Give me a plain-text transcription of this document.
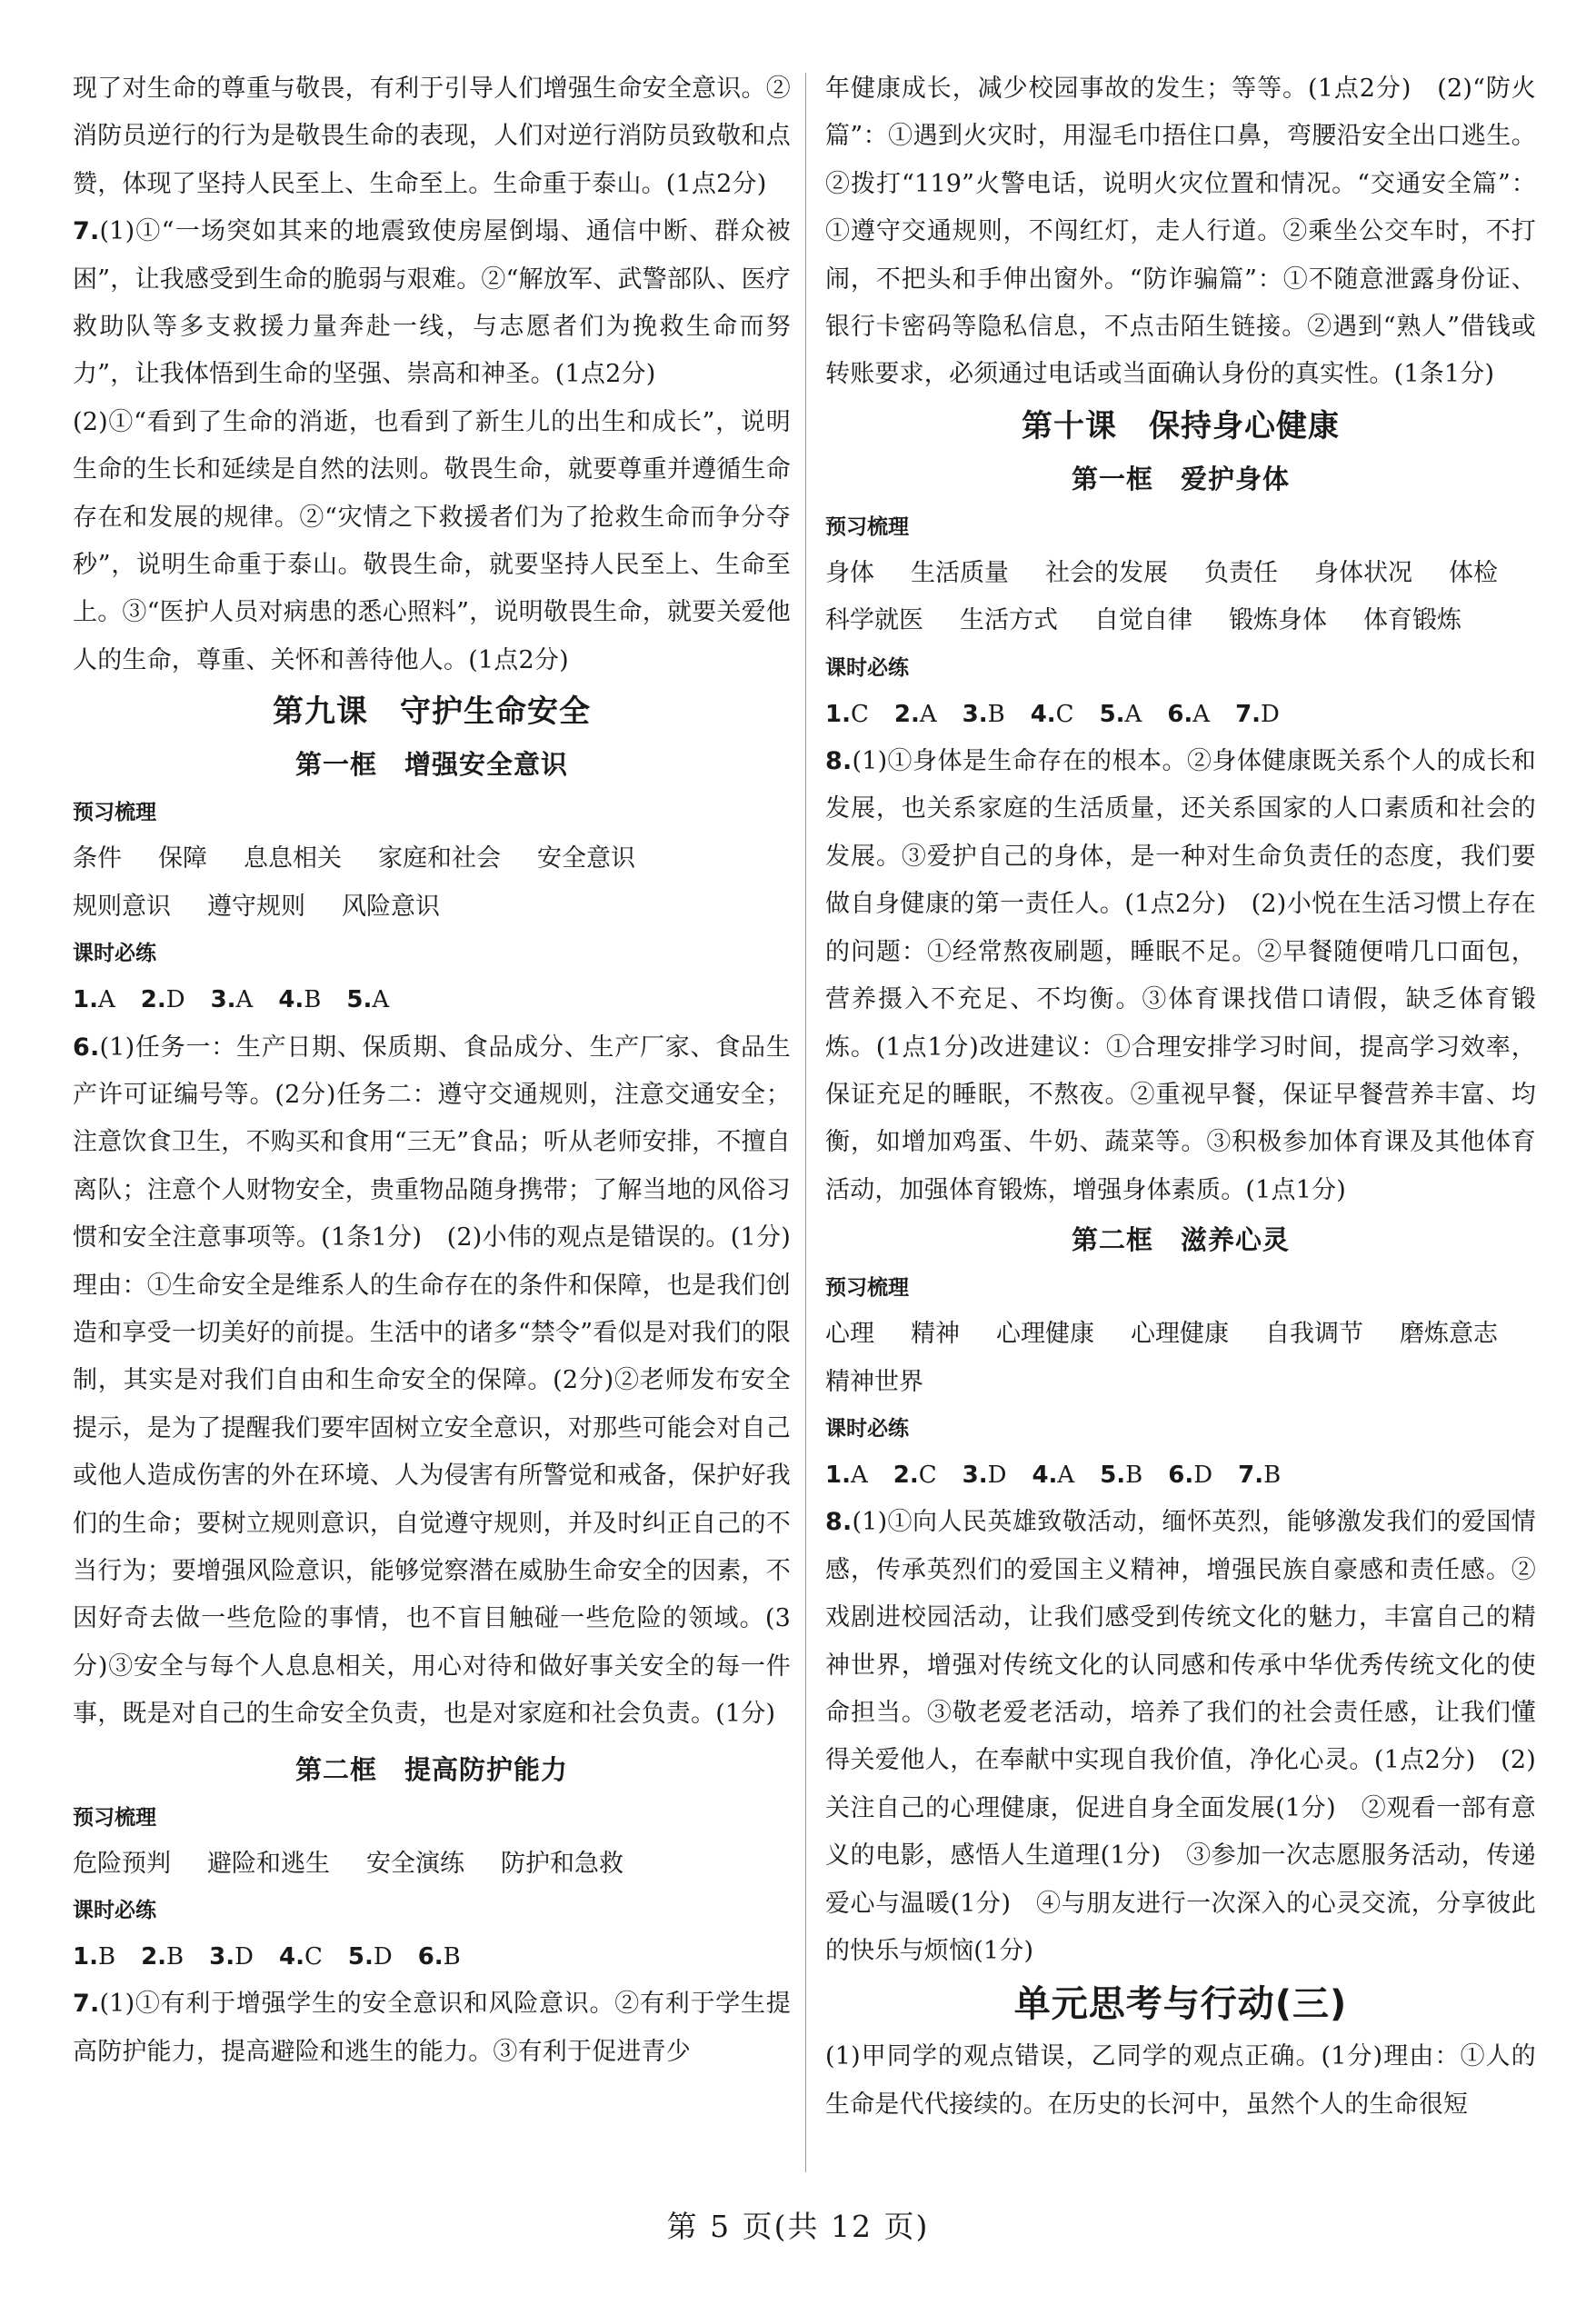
现了对生命的尊重与敬畏，有利于引导人们增强生命安全意识。②消防员逆行的行为是敬畏生命的表现，人们对逆行消防员致敬和点赞，体现了坚持人民至上、生命至上。生命重于泰山。(1点2分)

7.(1)①“一场突如其来的地震致使房屋倒塌、通信中断、群众被困”，让我感受到生命的脆弱与艰难。②“解放军、武警部队、医疗救助队等多支救援力量奔赴一线，与志愿者们为挽救生命而努力”，让我体悟到生命的坚强、崇高和神圣。(1点2分)

(2)①“看到了生命的消逝，也看到了新生儿的出生和成长”，说明生命的生长和延续是自然的法则。敬畏生命，就要尊重并遵循生命存在和发展的规律。②“灾情之下救援者们为了抢救生命而争分夺秒”，说明生命重于泰山。敬畏生命，就要坚持人民至上、生命至上。③“医护人员对病患的悉心照料”，说明敬畏生命，就要关爱他人的生命，尊重、关怀和善待他人。(1点2分)

第九课　守护生命安全
第一框　增强安全意识
预习梳理
条件 保障 息息相关 家庭和社会 安全意识
规则意识 遵守规则 风险意识
课时必练
1.A 2.D 3.A 4.B 5.A

6.(1)任务一：生产日期、保质期、食品成分、生产厂家、食品生产许可证编号等。(2分)任务二：遵守交通规则，注意交通安全；注意饮食卫生，不购买和食用“三无”食品；听从老师安排，不擅自离队；注意个人财物安全，贵重物品随身携带；了解当地的风俗习惯和安全注意事项等。(1条1分)　(2)小伟的观点是错误的。(1分)理由：①生命安全是维系人的生命存在的条件和保障，也是我们创造和享受一切美好的前提。生活中的诸多“禁令”看似是对我们的限制，其实是对我们自由和生命安全的保障。(2分)②老师发布安全提示，是为了提醒我们要牢固树立安全意识，对那些可能会对自己或他人造成伤害的外在环境、人为侵害有所警觉和戒备，保护好我们的生命；要树立规则意识，自觉遵守规则，并及时纠正自己的不当行为；要增强风险意识，能够觉察潜在威胁生命安全的因素，不因好奇去做一些危险的事情，也不盲目触碰一些危险的领域。(3分)③安全与每个人息息相关，用心对待和做好事关安全的每一件事，既是对自己的生命安全负责，也是对家庭和社会负责。(1分)

第二框　提高防护能力
预习梳理
危险预判 避险和逃生 安全演练 防护和急救
课时必练
1.B 2.B 3.D 4.C 5.D 6.B

7.(1)①有利于增强学生的安全意识和风险意识。②有利于学生提高防护能力，提高避险和逃生的能力。③有利于促进青少

年健康成长，减少校园事故的发生；等等。(1点2分)　(2)“防火篇”：①遇到火灾时，用湿毛巾捂住口鼻，弯腰沿安全出口逃生。②拨打“119”火警电话，说明火灾位置和情况。“交通安全篇”：①遵守交通规则，不闯红灯，走人行道。②乘坐公交车时，不打闹，不把头和手伸出窗外。“防诈骗篇”：①不随意泄露身份证、银行卡密码等隐私信息，不点击陌生链接。②遇到“熟人”借钱或转账要求，必须通过电话或当面确认身份的真实性。(1条1分)

第十课　保持身心健康
第一框　爱护身体
预习梳理
身体 生活质量 社会的发展 负责任 身体状况 体检
科学就医 生活方式 自觉自律 锻炼身体 体育锻炼
课时必练
1.C 2.A 3.B 4.C 5.A 6.A 7.D

8.(1)①身体是生命存在的根本。②身体健康既关系个人的成长和发展，也关系家庭的生活质量，还关系国家的人口素质和社会的发展。③爱护自己的身体，是一种对生命负责任的态度，我们要做自身健康的第一责任人。(1点2分)　(2)小悦在生活习惯上存在的问题：①经常熬夜刷题，睡眠不足。②早餐随便啃几口面包，营养摄入不充足、不均衡。③体育课找借口请假，缺乏体育锻炼。(1点1分)改进建议：①合理安排学习时间，提高学习效率，保证充足的睡眠，不熬夜。②重视早餐，保证早餐营养丰富、均衡，如增加鸡蛋、牛奶、蔬菜等。③积极参加体育课及其他体育活动，加强体育锻炼，增强身体素质。(1点1分)

第二框　滋养心灵
预习梳理
心理 精神 心理健康 心理健康 自我调节 磨炼意志
精神世界
课时必练
1.A 2.C 3.D 4.A 5.B 6.D 7.B

8.(1)①向人民英雄致敬活动，缅怀英烈，能够激发我们的爱国情感，传承英烈们的爱国主义精神，增强民族自豪感和责任感。②戏剧进校园活动，让我们感受到传统文化的魅力，丰富自己的精神世界，增强对传统文化的认同感和传承中华优秀传统文化的使命担当。③敬老爱老活动，培养了我们的社会责任感，让我们懂得关爱他人，在奉献中实现自我价值，净化心灵。(1点2分)　(2)关注自己的心理健康，促进自身全面发展(1分)　②观看一部有意义的电影，感悟人生道理(1分)　③参加一次志愿服务活动，传递爱心与温暖(1分)　④与朋友进行一次深入的心灵交流，分享彼此的快乐与烦恼(1分)

单元思考与行动(三)

(1)甲同学的观点错误，乙同学的观点正确。(1分)理由：①人的生命是代代接续的。在历史的长河中，虽然个人的生命很短

第 5 页(共 12 页)
